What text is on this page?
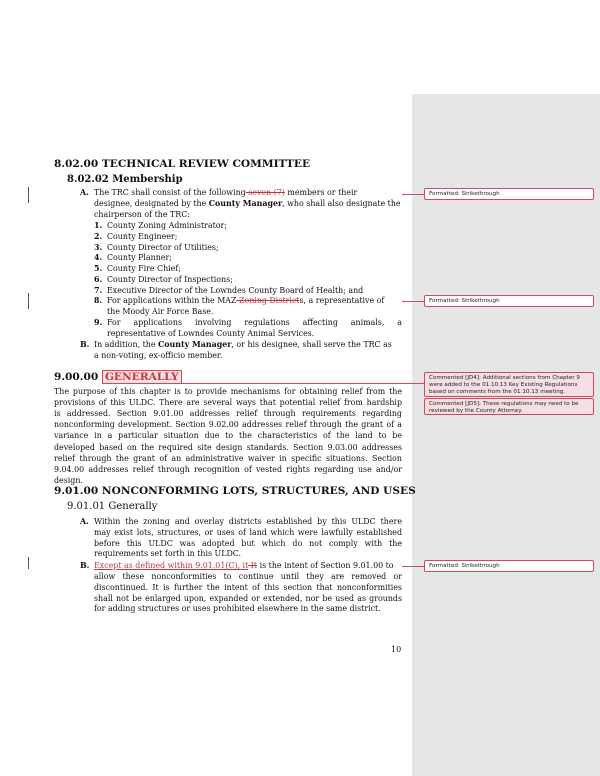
8.02.00 TECHNICAL REVIEW COMMITTEE
8.02.02 Membership
A. The TRC shall consist of the following seven (7) members or their
designee, designated by the County Manager, who shall also designate the
chairperson of the TRC:
1. County Zoning Administrator;
2. County Engineer;
3. County Director of Utilities;
4. County Planner;
5. County Fire Chief;
6. County Director of Inspections;
7. Executive Director of the Lowndes County Board of Health; and
8. For applications within the MAZ Zoning Districts, a representative of
the Moody Air Force Base.
9. For applications involving regulations affecting animals, a
representative of Lowndes County Animal Services.
B. In addition, the County Manager, or his designee, shall serve the TRC as
a non-voting, ex-officio member.
9.00.00 GENERALLY
The purpose of this chapter is to provide mechanisms for obtaining relief from the
provisions of this ULDC. There are several ways that potential relief from hardship
is addressed. Section 9.01.00 addresses relief through requirements regarding
nonconforming development. Section 9.02.00 addresses relief through the grant of a
variance in a particular situation due to the characteristics of the land to be
developed based on the required site design standards. Section 9.03.00 addresses
relief through the grant of an administrative waiver in specific situations. Section
9.04.00 addresses relief through recognition of vested rights regarding use and/or
design.
9.01.00 NONCONFORMING LOTS, STRUCTURES, AND USES
9.01.01 Generally
A. Within the zoning and overlay districts established by this ULDC there
may exist lots, structures, or uses of land which were lawfully established
before this ULDC was adopted but which do not comply with the
requirements set forth in this ULDC.
B. Except as defined within 9.01.01(C), it It is the intent of Section 9.01.00 to
allow these nonconformities to continue until they are removed or
discontinued. It is further the intent of this section that nonconformities
shall not be enlarged upon, expanded or extended, nor be used as grounds
for adding structures or uses prohibited elsewhere in the same district.
10
Formatted: Strikethrough
Formatted: Strikethrough
Commented [JD4]: Additional sections from Chapter 9 were added to the 01.10.13 Key Existing Regulations based on comments from the 01.10.13 meeting.
Commented [JD5]: These regulations may need to be reviewed by the County Attorney.
Formatted: Strikethrough
